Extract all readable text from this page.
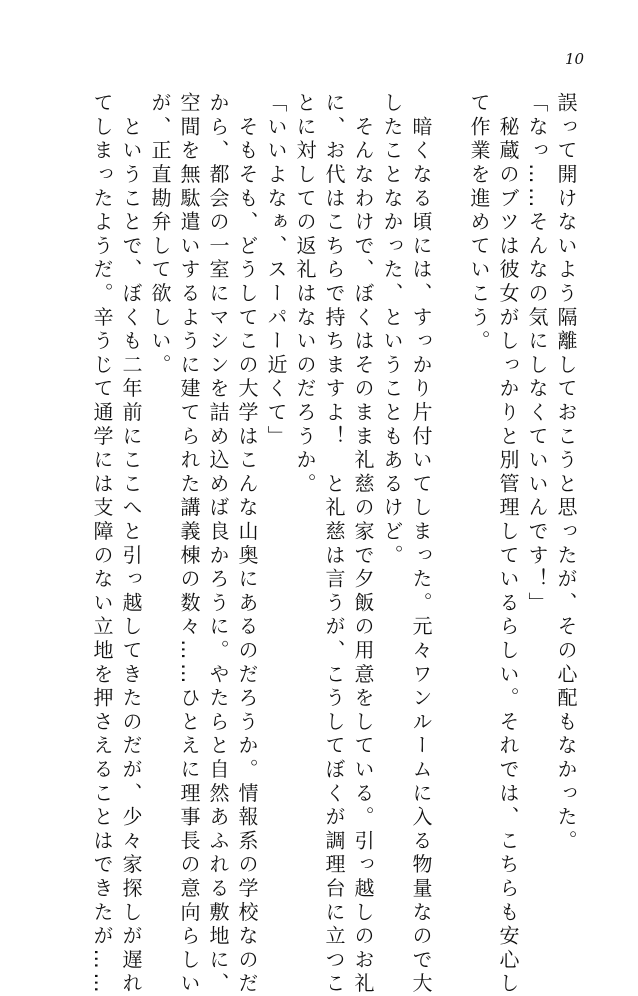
10
誤って開けないよう隔離しておこうと思ったが、その心配もなかった。
「なっ……そんなの気にしなくていいんです！」
　秘蔵のブツは彼女がしっかりと別管理しているらしい。それでは、こちらも安心し
て作業を進めていこう。
　暗くなる頃には、すっかり片付いてしまった。元々ワンルームに入る物量なので大
したことなかった、ということもあるけど。
　そんなわけで、ぼくはそのまま礼慈の家で夕飯の用意をしている。引っ越しのお礼
に、お代はこちらで持ちますよ！　と礼慈は言うが、こうしてぼくが調理台に立つこ
とに対しての返礼はないのだろうか。
「いいよなぁ、スーパー近くて」
　そもそも、どうしてこの大学はこんな山奥にあるのだろうか。情報系の学校なのだ
から、都会の一室にマシンを詰め込めば良かろうに。やたらと自然あふれる敷地に、
空間を無駄遣いするように建てられた講義棟の数々……ひとえに理事長の意向らしい
が、正直勘弁して欲しい。
　ということで、ぼくも二年前にここへと引っ越してきたのだが、少々家探しが遅れ
てしまったようだ。辛うじて通学には支障のない立地を押さえることはできたが……
